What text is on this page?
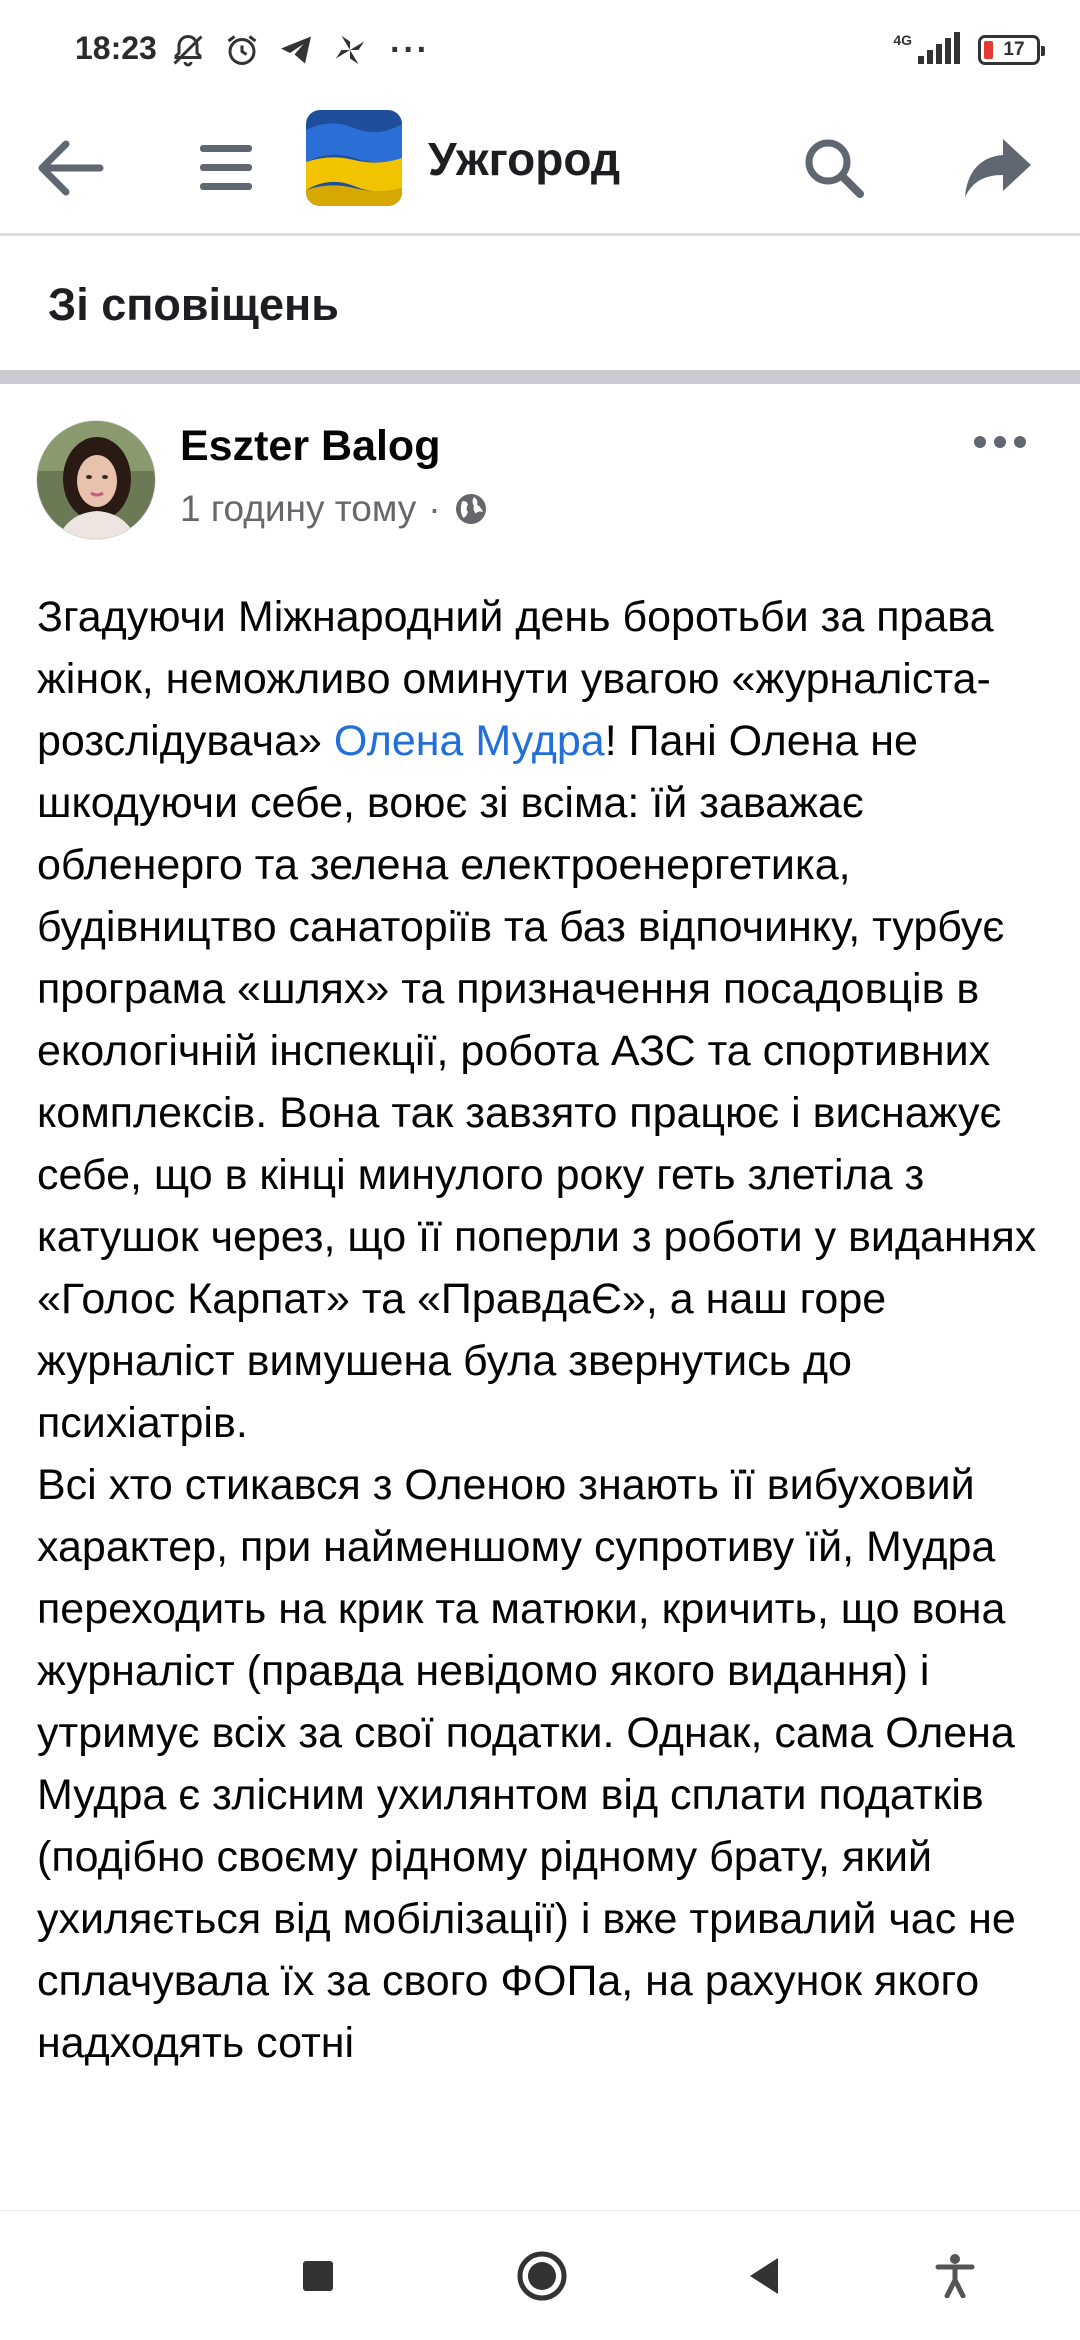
18:23	···	4G	17
Ужгород
Зі сповіщень
Eszter Balog
1 годину тому ·

Згадуючи Міжнародний день боротьби за права жінок, неможливо оминути увагою «журналіста-розслідувача» Олена Мудра! Пані Олена не шкодуючи себе, воює зі всіма: їй заважає обленерго та зелена електроенергетика, будівництво санаторіїв та баз відпочинку, турбує програма «шлях» та призначення посадовців в екологічній інспекції, робота АЗС та спортивних комплексів. Вона так завзято працює і виснажує себе, що в кінці минулого року геть злетіла з катушок через, що її поперли з роботи у виданнях «Голос Карпат» та «ПравдаЄ», а наш горе журналіст вимушена була звернутись до психіатрів.

Всі хто стикався з Оленою знають її вибуховий характер, при найменшому супротиву їй, Мудра переходить на крик та матюки, кричить, що вона журналіст (правда невідомо якого видання) і утримує всіх за свої податки. Однак, сама Олена Мудра є злісним ухилянтом від сплати податків (подібно своєму рідному рідному брату, який ухиляється від мобілізації) і вже тривалий час не сплачувала їх за свого ФОПа, на рахунок якого надходять сотні
